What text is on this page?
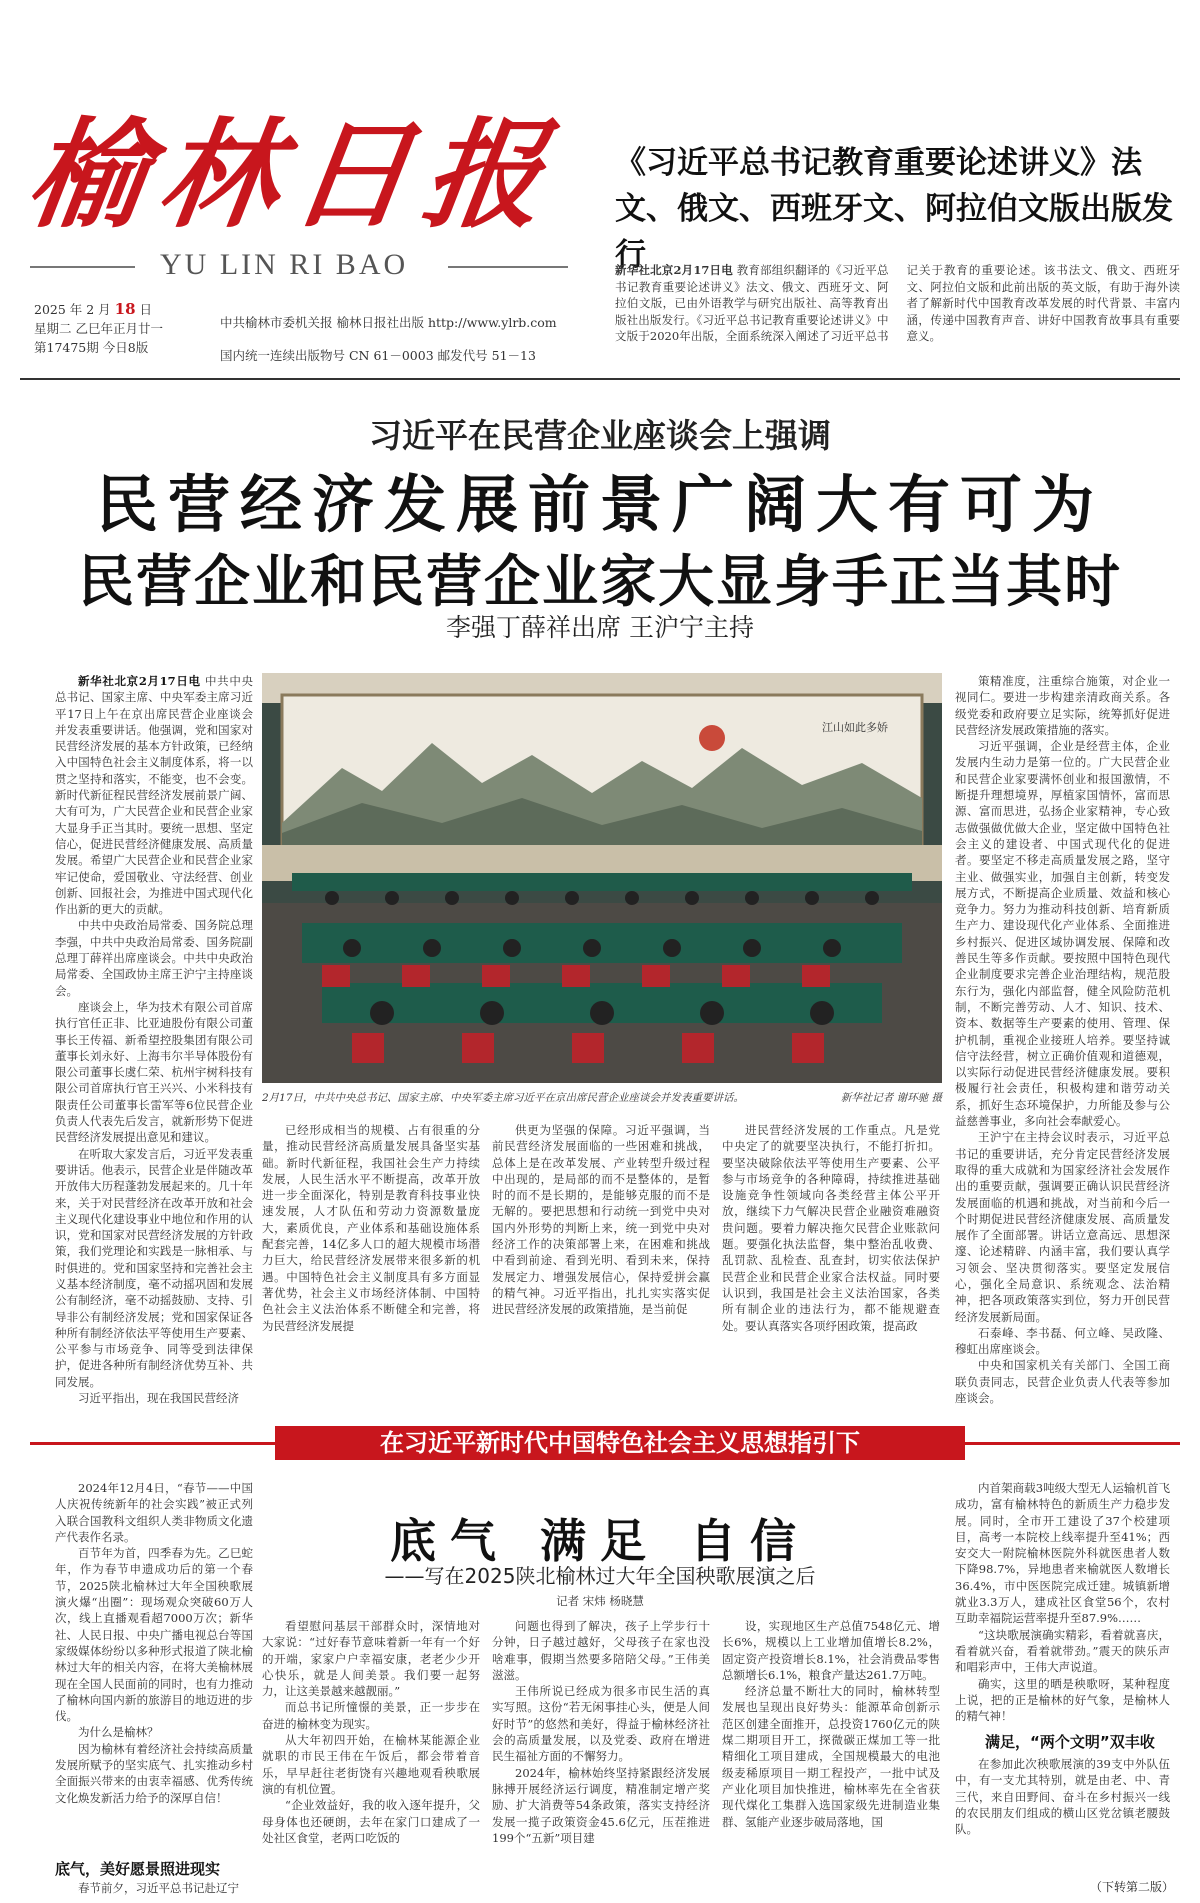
榆林日报
YU LIN RI BAO
2025 年 2 月 18 日
星期二 乙巳年正月廿一
第17475期 今日8版
中共榆林市委机关报 榆林日报社出版 http://www.ylrb.com
国内统一连续出版物号 CN 61－0003 邮发代号 51－13
《习近平总书记教育重要论述讲义》法文、俄文、西班牙文、阿拉伯文版出版发行
新华社北京2月17日电 教育部组织翻译的《习近平总书记教育重要论述讲义》法文、俄文、西班牙文、阿拉伯文版，已由外语教学与研究出版社、高等教育出版社出版发行。《习近平总书记教育重要论述讲义》中文版于2020年出版，全面系统深入阐述了习近平总书记关于教育的重要论述。该书法文、俄文、西班牙文、阿拉伯文版和此前出版的英文版，有助于海外读者了解新时代中国教育改革发展的时代背景、丰富内涵，传递中国教育声音、讲好中国教育故事具有重要意义。
习近平在民营企业座谈会上强调
民营经济发展前景广阔大有可为
民营企业和民营企业家大显身手正当其时
李强丁薛祥出席 王沪宁主持

新华社北京2月17日电 中共中央总书记、国家主席、中央军委主席习近平17日上午在京出席民营企业座谈会并发表重要讲话。他强调，党和国家对民营经济发展的基本方针政策，已经纳入中国特色社会主义制度体系，将一以贯之坚持和落实，不能变，也不会变。新时代新征程民营经济发展前景广阔、大有可为，广大民营企业和民营企业家大显身手正当其时。要统一思想、坚定信心，促进民营经济健康发展、高质量发展。希望广大民营企业和民营企业家牢记使命，爱国敬业、守法经营、创业创新、回报社会，为推进中国式现代化作出新的更大的贡献。

中共中央政治局常委、国务院总理李强，中共中央政治局常委、国务院副总理丁薛祥出席座谈会。中共中央政治局常委、全国政协主席王沪宁主持座谈会。

座谈会上，华为技术有限公司首席执行官任正非、比亚迪股份有限公司董事长王传福、新希望控股集团有限公司董事长刘永好、上海韦尔半导体股份有限公司董事长虞仁荣、杭州宇树科技有限公司首席执行官王兴兴、小米科技有限责任公司董事长雷军等6位民营企业负责人代表先后发言，就新形势下促进民营经济发展提出意见和建议。

在听取大家发言后，习近平发表重要讲话。他表示，民营企业是伴随改革开放伟大历程蓬勃发展起来的。几十年来，关于对民营经济在改革开放和社会主义现代化建设事业中地位和作用的认识，党和国家对民营经济发展的方针政策，我们党理论和实践是一脉相承、与时俱进的。党和国家坚持和完善社会主义基本经济制度，毫不动摇巩固和发展公有制经济，毫不动摇鼓励、支持、引导非公有制经济发展；党和国家保证各种所有制经济依法平等使用生产要素、公平参与市场竞争、同等受到法律保护，促进各种所有制经济优势互补、共同发展。

习近平指出，现在我国民营经济

江山如此多娇
2月17日，中共中央总书记、国家主席、中央军委主席习近平在京出席民营企业座谈会并发表重要讲话。	新华社记者 谢环驰 摄

已经形成相当的规模、占有很重的分量，推动民营经济高质量发展具备坚实基础。新时代新征程，我国社会生产力持续发展，人民生活水平不断提高，改革开放进一步全面深化，特别是教育科技事业快速发展，人才队伍和劳动力资源数量庞大，素质优良，产业体系和基础设施体系配套完善，14亿多人口的超大规模市场潜力巨大，给民营经济发展带来很多新的机遇。中国特色社会主义制度具有多方面显著优势，社会主义市场经济体制、中国特色社会主义法治体系不断健全和完善，将为民营经济发展提

供更为坚强的保障。习近平强调，当前民营经济发展面临的一些困难和挑战，总体上是在改革发展、产业转型升级过程中出现的，是局部的而不是整体的，是暂时的而不是长期的，是能够克服的而不是无解的。要把思想和行动统一到党中央对国内外形势的判断上来，统一到党中央对经济工作的决策部署上来，在困难和挑战中看到前途、看到光明、看到未来，保持发展定力、增强发展信心，保持爱拼会赢的精气神。习近平指出，扎扎实实落实促进民营经济发展的政策措施，是当前促

进民营经济发展的工作重点。凡是党中央定了的就要坚决执行，不能打折扣。要坚决破除依法平等使用生产要素、公平参与市场竞争的各种障碍，持续推进基础设施竞争性领域向各类经营主体公平开放，继续下力气解决民营企业融资难融资贵问题。要着力解决拖欠民营企业账款问题。要强化执法监督，集中整治乱收费、乱罚款、乱检查、乱查封，切实依法保护民营企业和民营企业家合法权益。同时要认识到，我国是社会主义法治国家，各类所有制企业的违法行为，都不能规避查处。要认真落实各项纾困政策，提高政

策精准度，注重综合施策，对企业一视同仁。要进一步构建亲清政商关系。各级党委和政府要立足实际，统筹抓好促进民营经济发展政策措施的落实。

习近平强调，企业是经营主体，企业发展内生动力是第一位的。广大民营企业和民营企业家要满怀创业和报国激情，不断提升理想境界，厚植家国情怀，富而思源、富而思进，弘扬企业家精神，专心致志做强做优做大企业，坚定做中国特色社会主义的建设者、中国式现代化的促进者。要坚定不移走高质量发展之路，坚守主业、做强实业，加强自主创新，转变发展方式，不断提高企业质量、效益和核心竞争力。努力为推动科技创新、培育新质生产力、建设现代化产业体系、全面推进乡村振兴、促进区域协调发展、保障和改善民生等多作贡献。要按照中国特色现代企业制度要求完善企业治理结构，规范股东行为，强化内部监督，健全风险防范机制，不断完善劳动、人才、知识、技术、资本、数据等生产要素的使用、管理、保护机制，重视企业接班人培养。要坚持诚信守法经营，树立正确价值观和道德观，以实际行动促进民营经济健康发展。要积极履行社会责任，积极构建和谐劳动关系，抓好生态环境保护，力所能及参与公益慈善事业，多向社会奉献爱心。

王沪宁在主持会议时表示，习近平总书记的重要讲话，充分肯定民营经济发展取得的重大成就和为国家经济社会发展作出的重要贡献，强调要正确认识民营经济发展面临的机遇和挑战，对当前和今后一个时期促进民营经济健康发展、高质量发展作了全面部署。讲话立意高远、思想深邃、论述精辟、内涵丰富，我们要认真学习领会、坚决贯彻落实。要坚定发展信心，强化全局意识、系统观念、法治精神，把各项政策落实到位，努力开创民营经济发展新局面。

石泰峰、李书磊、何立峰、吴政隆、穆虹出席座谈会。

中央和国家机关有关部门、全国工商联负责同志，民营企业负责人代表等参加座谈会。

在习近平新时代中国特色社会主义思想指引下
底气 满足 自信
——写在2025陕北榆林过大年全国秧歌展演之后
记者 宋炜 杨晓慧

2024年12月4日，“春节——中国人庆祝传统新年的社会实践”被正式列入联合国教科文组织人类非物质文化遗产代表作名录。

百节年为首，四季春为先。乙巳蛇年，作为春节申遗成功后的第一个春节，2025陕北榆林过大年全国秧歌展演火爆“出圈”：现场观众突破60万人次，线上直播观看超7000万次；新华社、人民日报、中央广播电视总台等国家级媒体纷纷以多种形式报道了陕北榆林过大年的相关内容，在将大美榆林展现在全国人民面前的同时，也有力推动了榆林向国内新的旅游目的地迈进的步伐。

为什么是榆林？

因为榆林有着经济社会持续高质量发展所赋予的坚实底气、扎实推动乡村全面振兴带来的由衷幸福感、优秀传统文化焕发新活力给予的深厚自信！

底气，美好愿景照进现实

春节前夕，习近平总书记赴辽宁

看望慰问基层干部群众时，深情地对大家说：“过好春节意味着新一年有一个好的开端，家家户户幸福安康，老老少少开心快乐，就是人间美景。我们要一起努力，让这美景越来越靓丽。”

而总书记所憧憬的美景，正一步步在奋进的榆林变为现实。

从大年初四开始，在榆林某能源企业就职的市民王伟在午饭后，都会带着音乐，早早赶往老街饶有兴趣地观看秧歌展演的有机位置。

“企业效益好，我的收入逐年提升，父母身体也还硬朗，去年在家门口建成了一处社区食堂，老两口吃饭的

问题也得到了解决，孩子上学步行十分钟，日子越过越好，父母孩子在家也没啥难事，假期当然要多陪陪父母。”王伟美滋滋。

王伟所说已经成为很多市民生活的真实写照。这份“若无闲事挂心头，便是人间好时节”的悠然和美好，得益于榆林经济社会的高质量发展，以及党委、政府在增进民生福祉方面的不懈努力。

2024年，榆林始终坚持紧跟经济发展脉搏开展经济运行调度，精准制定增产奖励、扩大消费等54条政策，落实支持经济发展一揽子政策资金45.6亿元，压茬推进199个“五新”项目建

设，实现地区生产总值7548亿元、增长6%，规模以上工业增加值增长8.2%，固定资产投资增长8.1%，社会消费品零售总额增长6.1%，粮食产量达261.7万吨。

经济总量不断壮大的同时，榆林转型发展也呈现出良好势头：能源革命创新示范区创建全面推开，总投资1760亿元的陕煤二期项目开工，探微碳正煤加工等一批精细化工项目建成，全国规模最大的电池级麦稀原项目一期工程投产，一批中试及产业化项目加快推进，榆林率先在全省获现代煤化工集群入选国家级先进制造业集群、氢能产业逐步破局落地，国

内首架商载3吨级大型无人运输机首飞成功，富有榆林特色的新质生产力稳步发展。同时，全市开工建设了37个校建项目，高考一本院校上线率提升至41%；西安交大一附院榆林医院外科就医患者人数下降98.7%，异地患者来榆就医人数增长36.4%，市中医医院完成迁建。城镇新增就业3.3万人，建成社区食堂56个，农村互助幸福院运营率提升至87.9%……

“这块歌展演确实精彩，看着就喜庆，看着就兴奋，看着就带劲。”震天的陕乐声和唱彩声中，王伟大声说道。

确实，这里的晒是秧歌呀，某种程度上说，把的正是榆林的好气象，是榆林人的精气神！

满足，“两个文明”双丰收

在参加此次秧歌展演的39支中外队伍中，有一支尤其特别，就是由老、中、青三代，来自田野间、奋斗在乡村振兴一线的农民朋友们组成的横山区党岔镇老腰鼓队。

（下转第二版）
